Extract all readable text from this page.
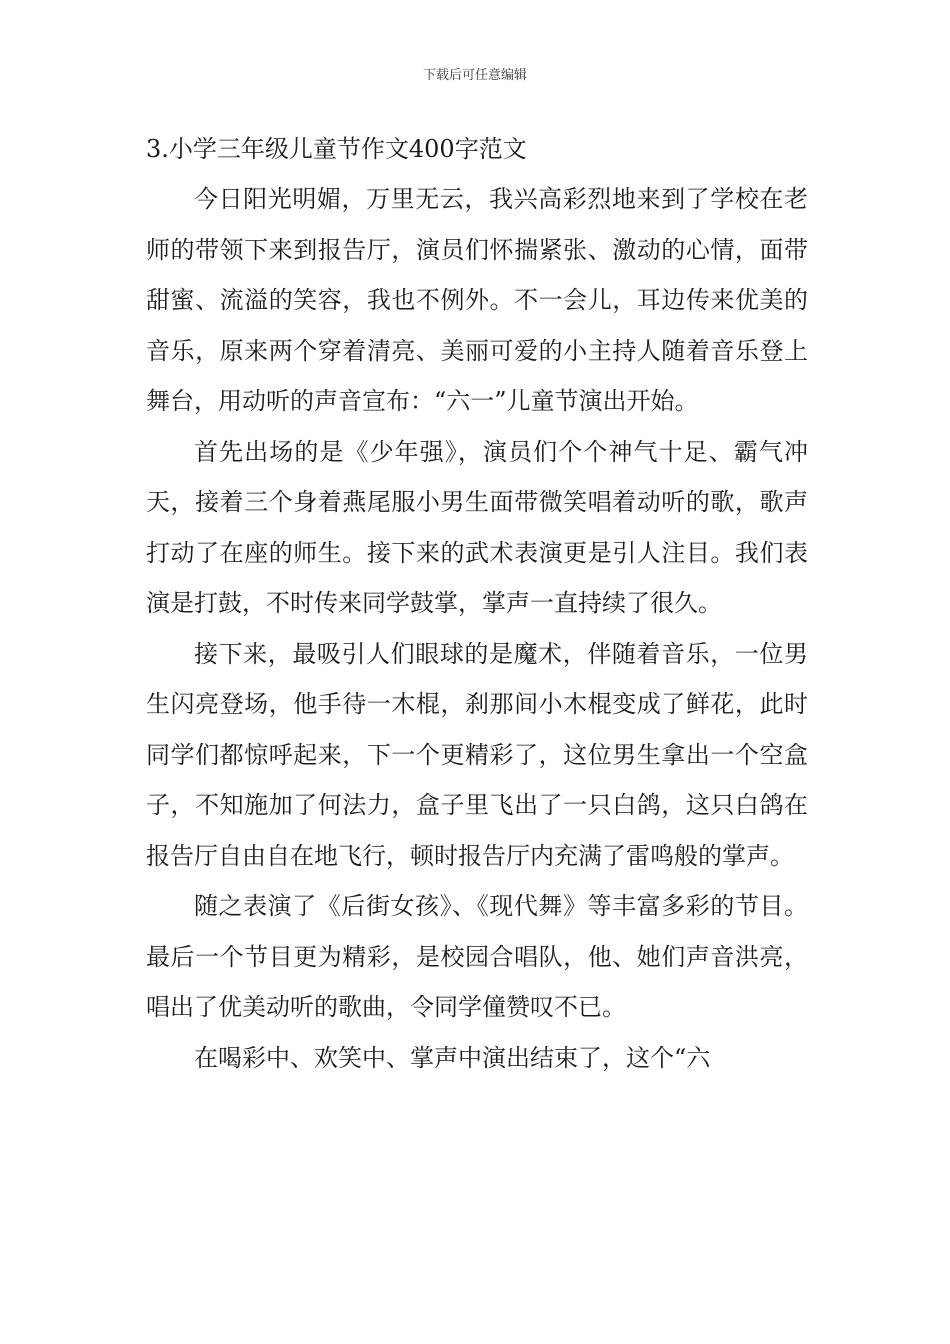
下载后可任意编辑
3.小学三年级儿童节作文400字范文

今日阳光明媚，万里无云，我兴高彩烈地来到了学校在老师的带领下来到报告厅，演员们怀揣紧张、激动的心情，面带甜蜜、流溢的笑容，我也不例外。不一会儿，耳边传来优美的音乐，原来两个穿着清亮、美丽可爱的小主持人随着音乐登上舞台，用动听的声音宣布：“六一”儿童节演出开始。

首先出场的是《少年强》，演员们个个神气十足、霸气冲天，接着三个身着燕尾服小男生面带微笑唱着动听的歌，歌声打动了在座的师生。接下来的武术表演更是引人注目。我们表演是打鼓，不时传来同学鼓掌，掌声一直持续了很久。

接下来，最吸引人们眼球的是魔术，伴随着音乐，一位男生闪亮登场，他手待一木棍，刹那间小木棍变成了鲜花，此时同学们都惊呼起来，下一个更精彩了，这位男生拿出一个空盒子，不知施加了何法力，盒子里飞出了一只白鸽，这只白鸽在报告厅自由自在地飞行，顿时报告厅内充满了雷鸣般的掌声。

随之表演了《后街女孩》、《现代舞》等丰富多彩的节目。最后一个节目更为精彩，是校园合唱队，他、她们声音洪亮，唱出了优美动听的歌曲，令同学僮赞叹不已。

在喝彩中、欢笑中、掌声中演出结束了，这个“六
